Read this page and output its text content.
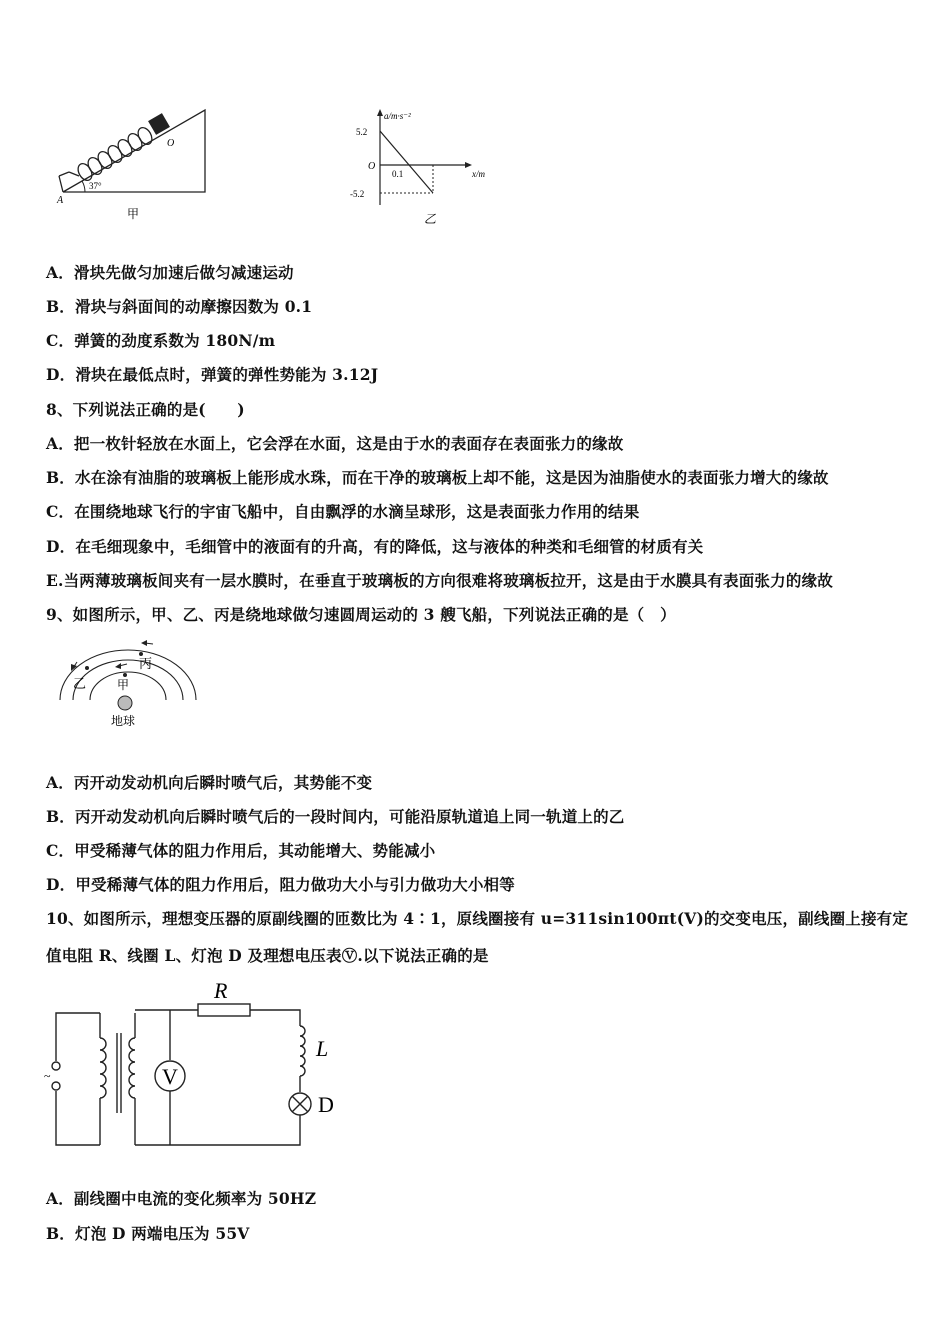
37°
A
O
甲
a/m·s⁻²
5.2
O
0.1	x/m
-5.2
乙
A．滑块先做匀加速后做匀减速运动
B．滑块与斜面间的动摩擦因数为 0.1
C．弹簧的劲度系数为 180N/m
D．滑块在最低点时，弹簧的弹性势能为 3.12J
8、下列说法正确的是(　　)
A．把一枚针轻放在水面上，它会浮在水面，这是由于水的表面存在表面张力的缘故
B．水在涂有油脂的玻璃板上能形成水珠，而在干净的玻璃板上却不能，这是因为油脂使水的表面张力增大的缘故
C．在围绕地球飞行的宇宙飞船中，自由飘浮的水滴呈球形，这是表面张力作用的结果
D．在毛细现象中，毛细管中的液面有的升高，有的降低，这与液体的种类和毛细管的材质有关
E.当两薄玻璃板间夹有一层水膜时，在垂直于玻璃板的方向很难将玻璃板拉开，这是由于水膜具有表面张力的缘故
9、如图所示，甲、乙、丙是绕地球做匀速圆周运动的 3 艘飞船，下列说法正确的是（　）
丙
乙	甲
地球
A．丙开动发动机向后瞬时喷气后，其势能不变
B．丙开动发动机向后瞬时喷气后的一段时间内，可能沿原轨道追上同一轨道上的乙
C．甲受稀薄气体的阻力作用后，其动能增大、势能减小
D．甲受稀薄气体的阻力作用后，阻力做功大小与引力做功大小相等
10、如图所示，理想变压器的原副线圈的匝数比为 4∶1，原线圈接有 u=311sin100πt(V)的交变电压，副线圈上接有定
值电阻 R、线圈 L、灯泡 D 及理想电压表Ⓥ.以下说法正确的是
V
R
L
D
~
A．副线圈中电流的变化频率为 50HZ
B．灯泡 D 两端电压为 55V
